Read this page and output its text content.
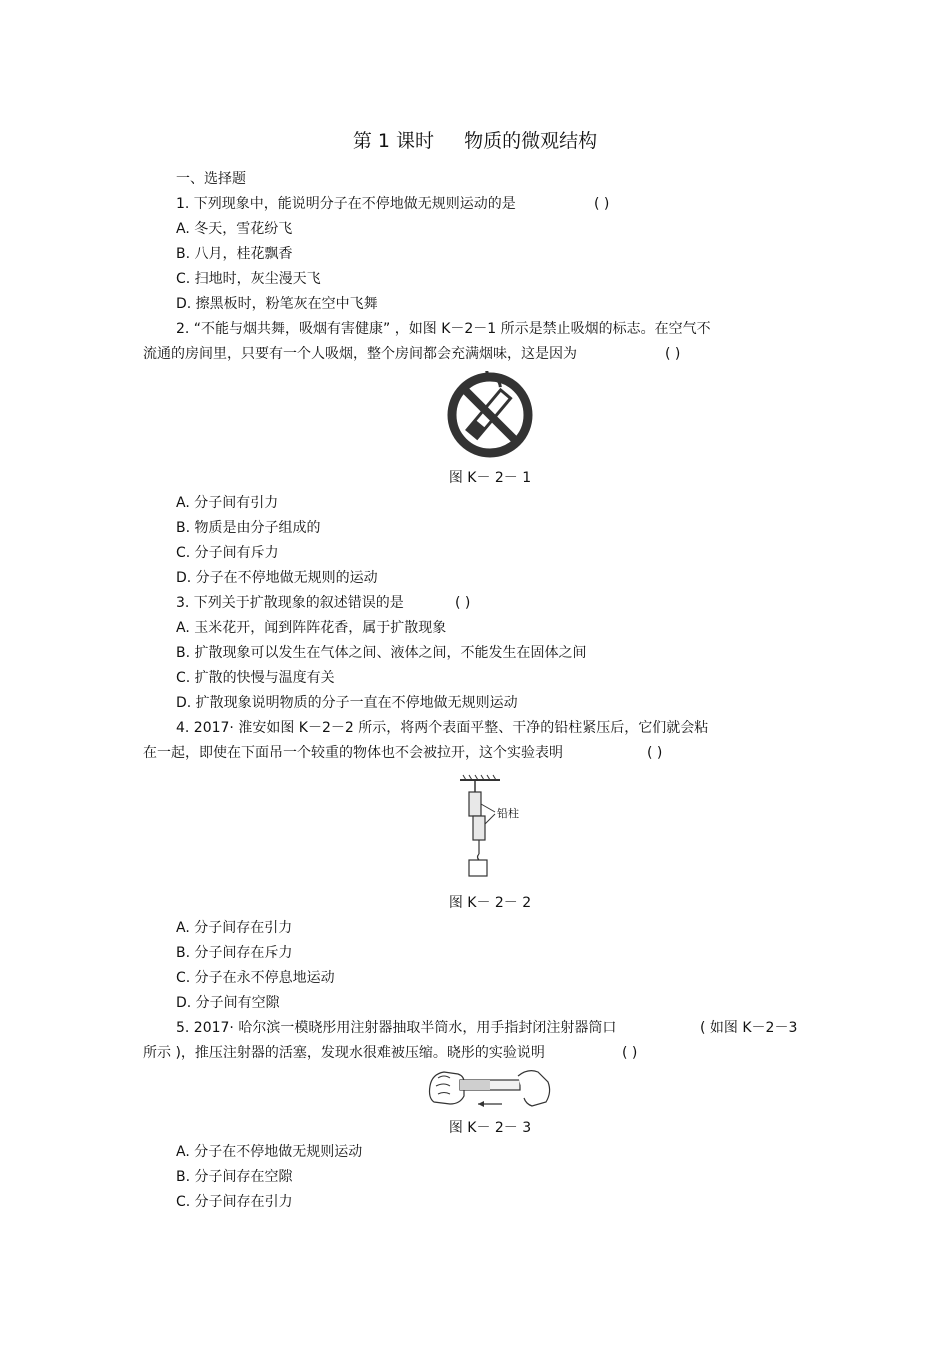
第 1 课时 物质的微观结构
一、选择题
1. 下列现象中，能说明分子在不停地做无规则运动的是	( )
A. 冬天，雪花纷飞
B. 八月，桂花飘香
C. 扫地时，灰尘漫天飞
D. 擦黑板时，粉笔灰在空中飞舞
2. “不能与烟共舞，吸烟有害健康” ，如图 K－2－1 所示是禁止吸烟的标志。在空气不
流通的房间里，只要有一个人吸烟，整个房间都会充满烟味，这是因为	( )
图 K－ 2－ 1
A. 分子间有引力
B. 物质是由分子组成的
C. 分子间有斥力
D. 分子在不停地做无规则的运动
3. 下列关于扩散现象的叙述错误的是	( )
A. 玉米花开，闻到阵阵花香，属于扩散现象
B. 扩散现象可以发生在气体之间、液体之间，不能发生在固体之间
C. 扩散的快慢与温度有关
D. 扩散现象说明物质的分子一直在不停地做无规则运动
4. 2017· 淮安如图 K－2－2 所示，将两个表面平整、干净的铅柱紧压后，它们就会粘
在一起，即使在下面吊一个较重的物体也不会被拉开，这个实验表明	( )
铅柱
图 K－ 2－ 2
A. 分子间存在引力
B. 分子间存在斥力
C. 分子在永不停息地运动
D. 分子间有空隙
5. 2017· 哈尔滨一模晓彤用注射器抽取半筒水，用手指封闭注射器筒口	( 如图 K－2－3
所示 )，推压注射器的活塞，发现水很难被压缩。晓彤的实验说明	( )
图 K－ 2－ 3
A. 分子在不停地做无规则运动
B. 分子间存在空隙
C. 分子间存在引力
